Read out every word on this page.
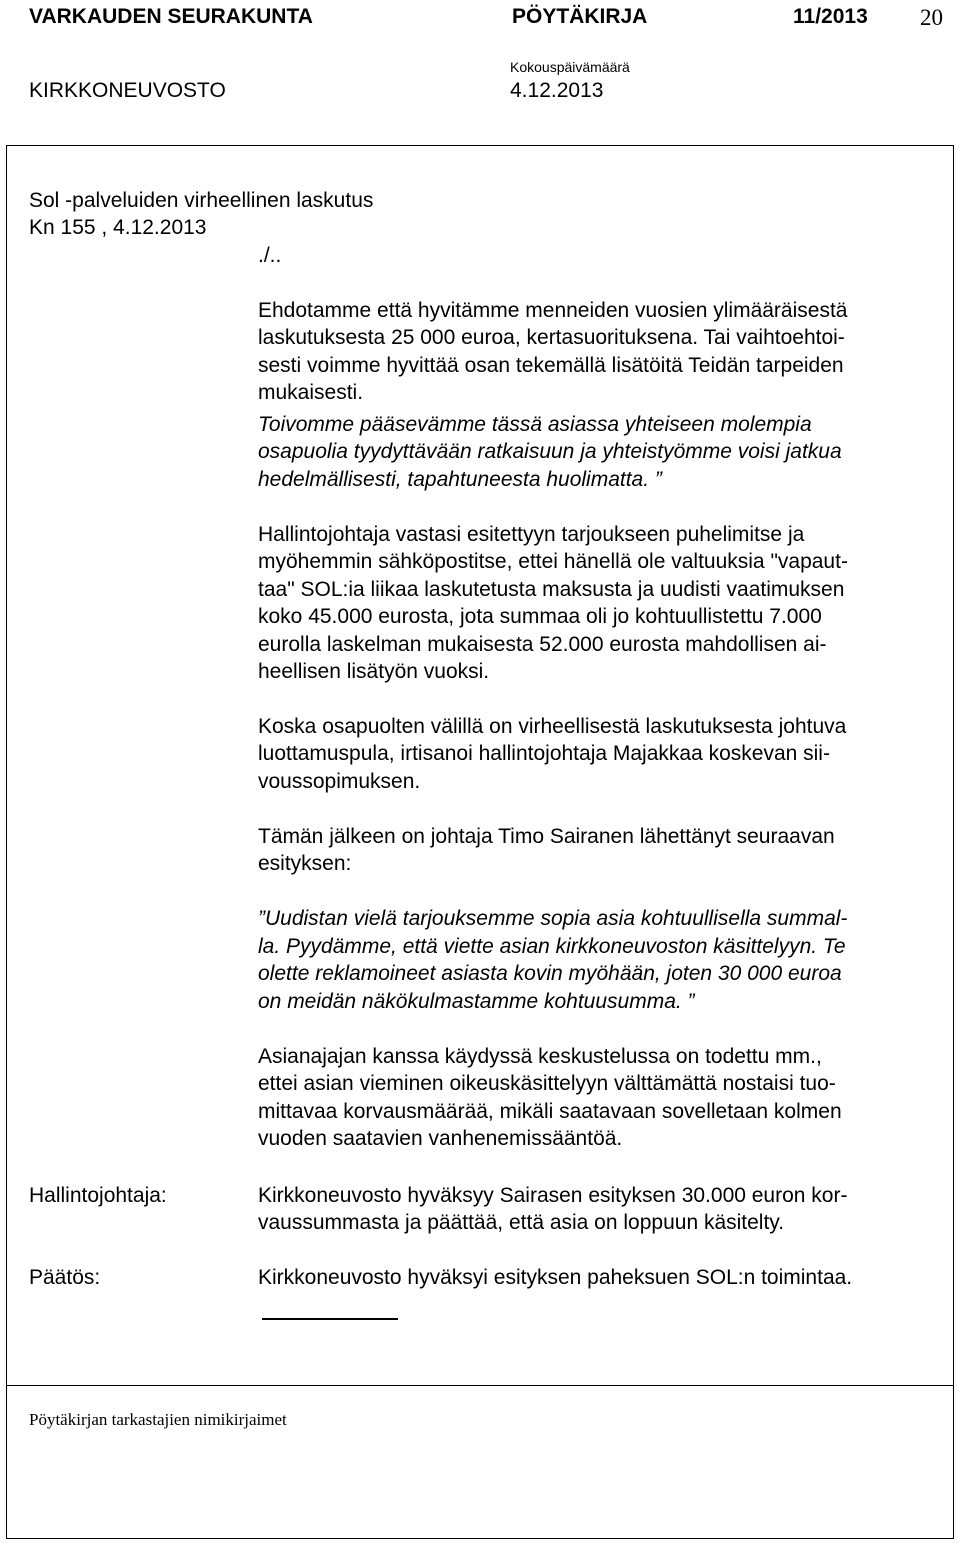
VARKAUDEN SEURAKUNTA	PÖYTÄKIRJA	11/2013 20
Kokouspäivämäärä
KIRKKONEUVOSTO	4.12.2013
Sol -palveluiden virheellinen laskutus
Kn 155 , 4.12.2013
./..
Ehdotamme että hyvitämme menneiden vuosien ylimääräisestä
laskutuksesta 25 000 euroa, kertasuorituksena. Tai vaihtoehtoi-
sesti voimme hyvittää osan tekemällä lisätöitä Teidän tarpeiden
mukaisesti.
Toivomme pääsevämme tässä asiassa yhteiseen molempia
osapuolia tyydyttävään ratkaisuun ja yhteistyömme voisi jatkua
hedelmällisesti, tapahtuneesta huolimatta. ”
Hallintojohtaja vastasi esitettyyn tarjoukseen puhelimitse ja
myöhemmin sähköpostitse, ettei hänellä ole valtuuksia "vapaut-
taa" SOL:ia liikaa laskutetusta maksusta ja uudisti vaatimuksen
koko 45.000 eurosta, jota summaa oli jo kohtuullistettu 7.000
eurolla laskelman mukaisesta 52.000 eurosta mahdollisen ai-
heellisen lisätyön vuoksi.
Koska osapuolten välillä on virheellisestä laskutuksesta johtuva
luottamuspula, irtisanoi hallintojohtaja Majakkaa koskevan sii-
voussopimuksen.
Tämän jälkeen on johtaja Timo Sairanen lähettänyt seuraavan
esityksen:
”Uudistan vielä tarjouksemme sopia asia kohtuullisella summal-
la. Pyydämme, että viette asian kirkkoneuvoston käsittelyyn. Te
olette reklamoineet asiasta kovin myöhään, joten 30 000 euroa
on meidän näkökulmastamme kohtuusumma. ”
Asianajajan kanssa käydyssä keskustelussa on todettu mm.,
ettei asian vieminen oikeuskäsittelyyn välttämättä nostaisi tuo-
mittavaa korvausmäärää, mikäli saatavaan sovelletaan kolmen
vuoden saatavien vanhenemissääntöä.
Hallintojohtaja:	Kirkkoneuvosto hyväksyy Sairasen esityksen 30.000 euron kor-
vaussummasta ja päättää, että asia on loppuun käsitelty.
Päätös:	Kirkkoneuvosto hyväksyi esityksen paheksuen SOL:n toimintaa.
Pöytäkirjan tarkastajien nimikirjaimet
